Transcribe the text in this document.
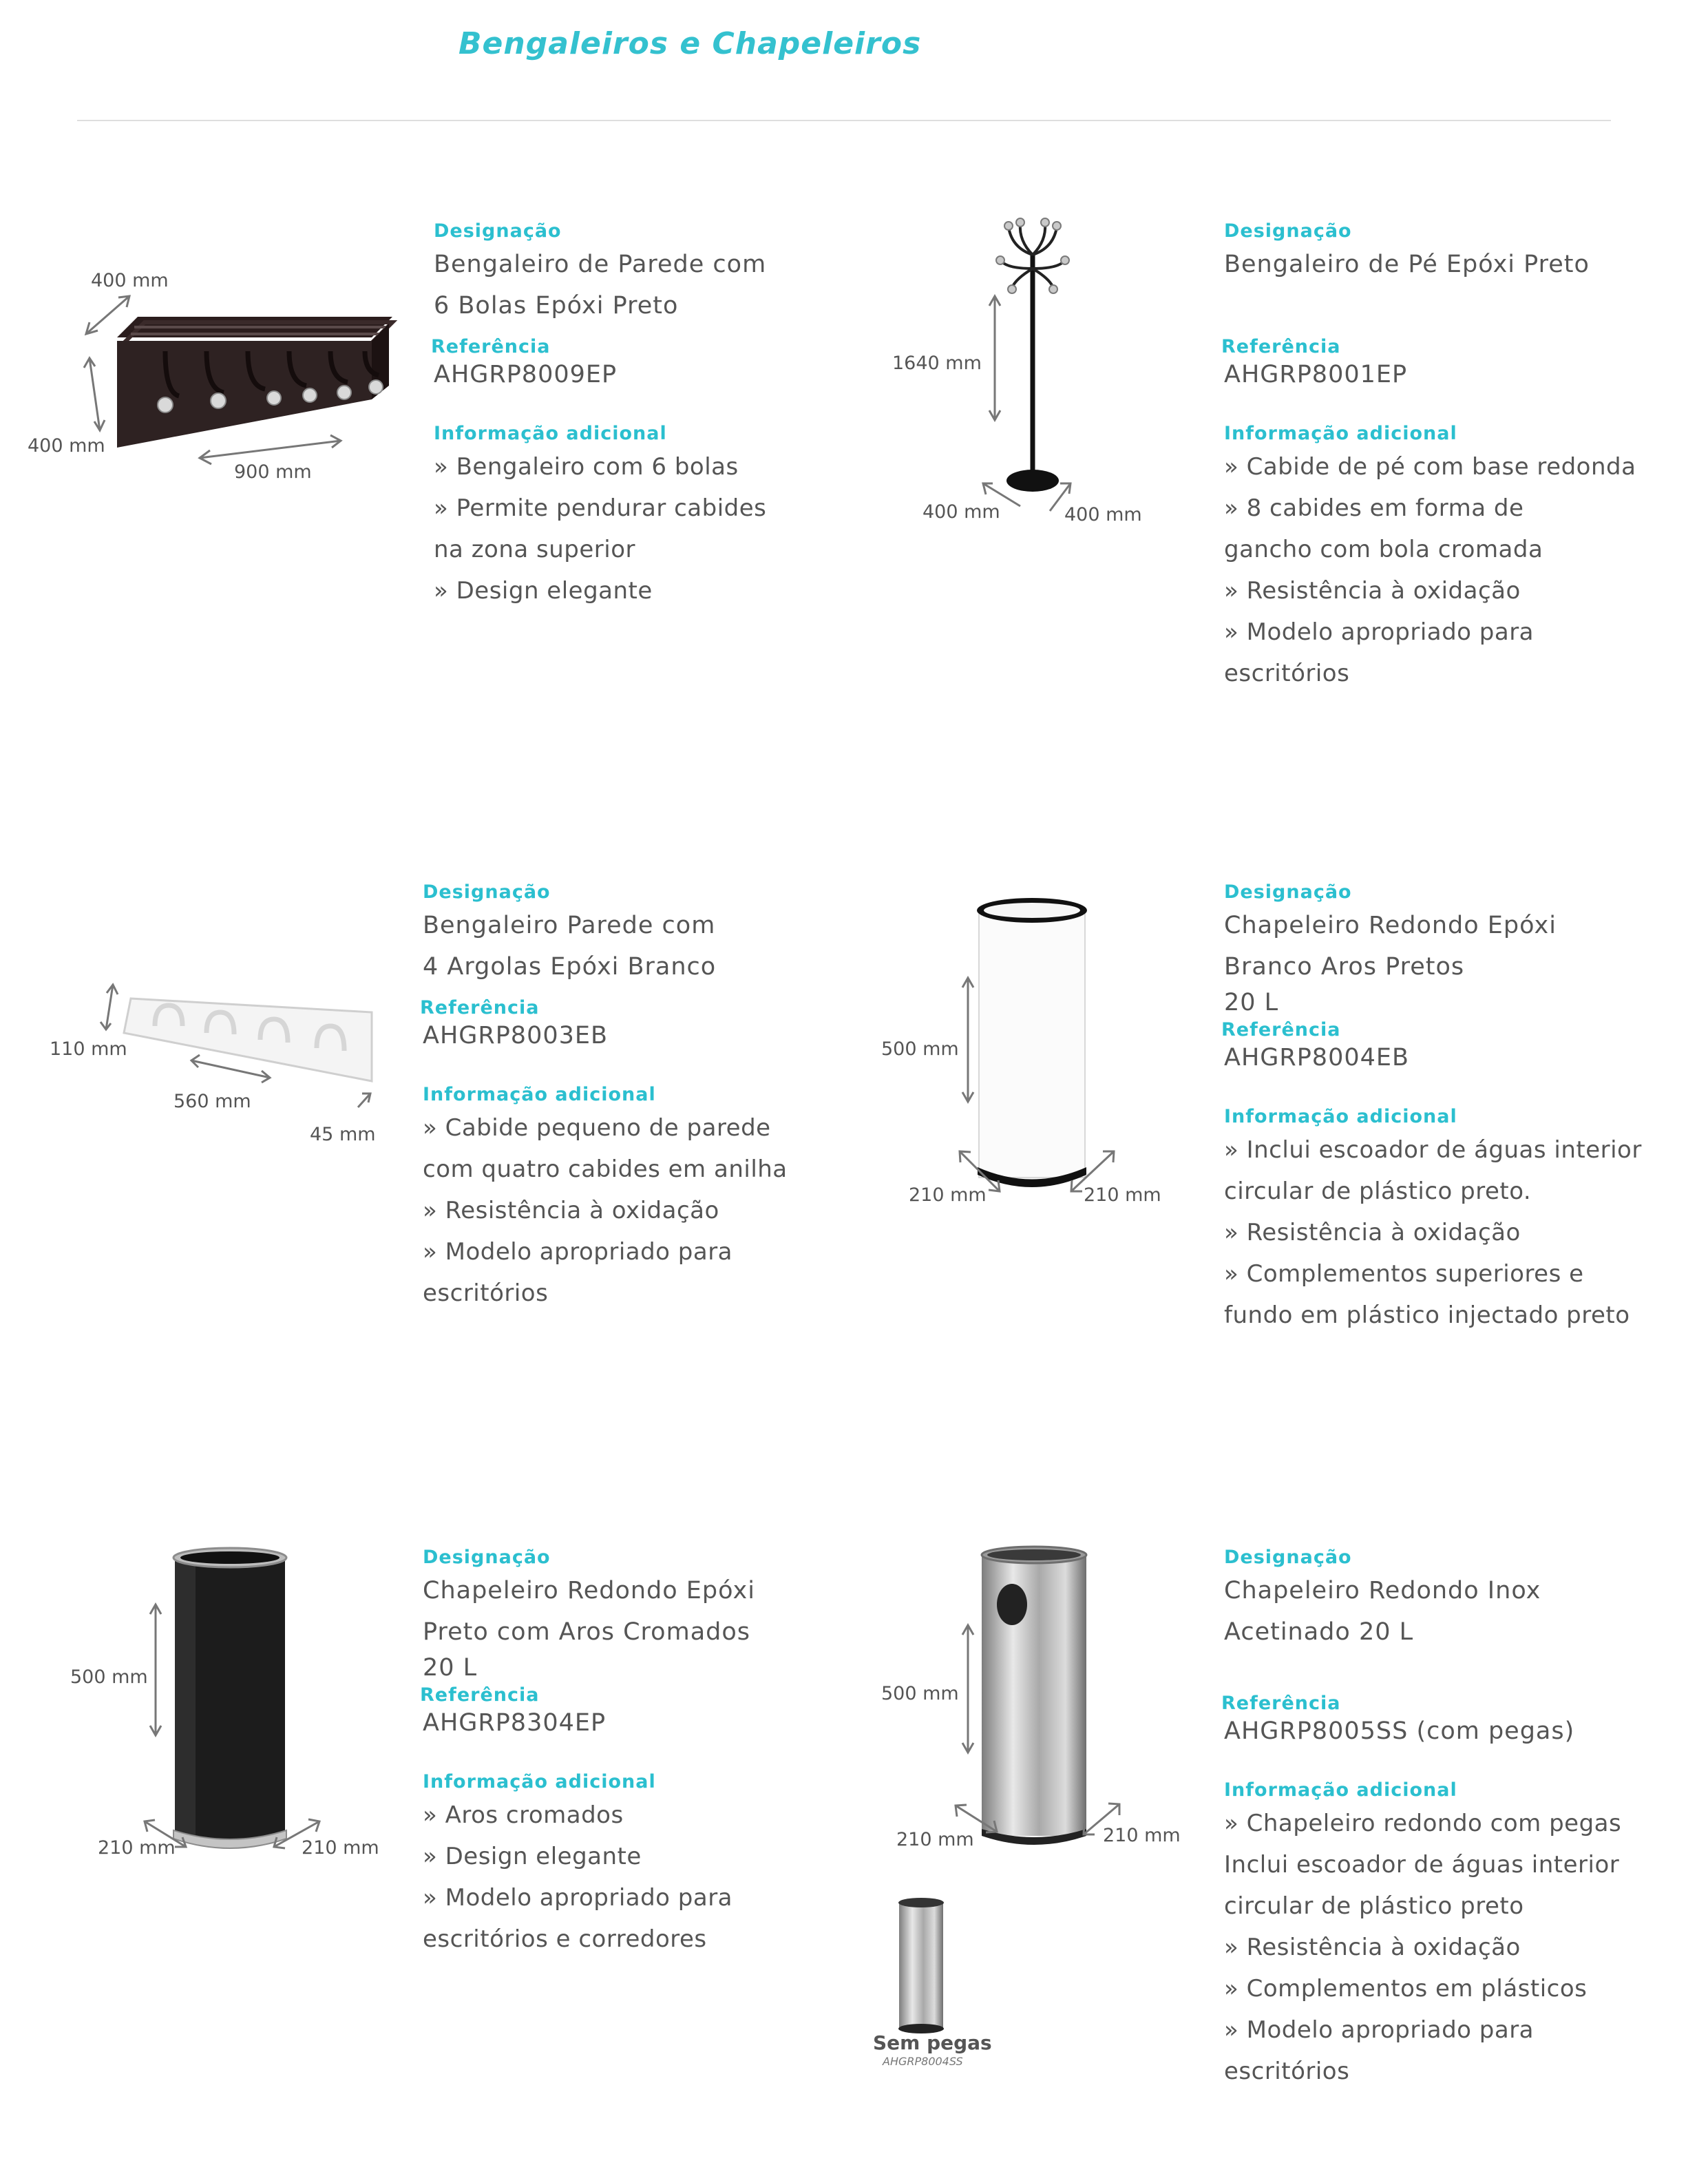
Bengaleiros e Chapeleiros
400 mm
400 mm
900 mm
Designação
Bengaleiro de Parede com
6 Bolas Epóxi Preto
Referência
AHGRP8009EP
Informação adicional
» Bengaleiro com 6 bolas
» Permite pendurar cabides
na zona superior
» Design elegante
1640 mm
400 mm	400 mm
Designação
Bengaleiro de Pé Epóxi Preto
Referência
AHGRP8001EP
Informação adicional
» Cabide de pé com base redonda
» 8 cabides em forma de
gancho com bola cromada
» Resistência à oxidação
» Modelo apropriado para
escritórios
110 mm
560 mm
45 mm
Designação
Bengaleiro Parede com
4 Argolas Epóxi Branco
Referência
AHGRP8003EB
Informação adicional
» Cabide pequeno de parede
com quatro cabides em anilha
» Resistência à oxidação
» Modelo apropriado para
escritórios
500 mm
210 mm	210 mm
Designação
Chapeleiro Redondo Epóxi
Branco Aros Pretos
20 L
Referência
AHGRP8004EB
Informação adicional
» Inclui escoador de águas interior
circular de plástico preto.
» Resistência à oxidação
» Complementos superiores e
fundo em plástico injectado preto
500 mm
210 mm	210 mm
Designação
Chapeleiro Redondo Epóxi
Preto com Aros Cromados
20 L
Referência
AHGRP8304EP
Informação adicional
» Aros cromados
» Design elegante
» Modelo apropriado para
escritórios e corredores
500 mm
210 mm	210 mm
Sem pegas
AHGRP8004SS
Designação
Chapeleiro Redondo Inox
Acetinado 20 L
Referência
AHGRP8005SS (com pegas)
Informação adicional
» Chapeleiro redondo com pegas
Inclui escoador de águas interior
circular de plástico preto
» Resistência à oxidação
» Complementos em plásticos
» Modelo apropriado para
escritórios
